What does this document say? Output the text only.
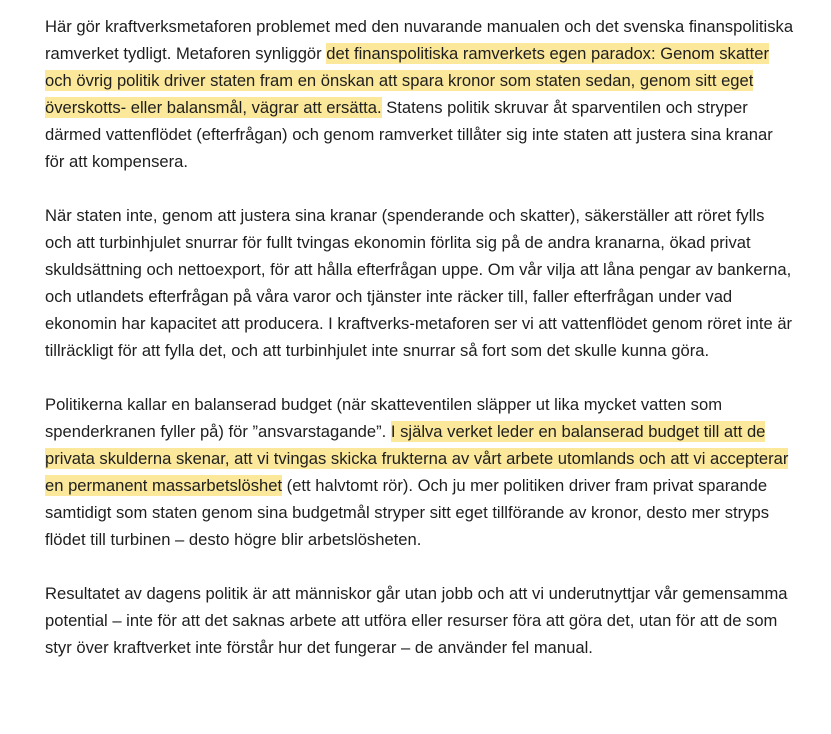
Här gör kraftverksmetaforen problemet med den nuvarande manualen och det svenska finanspolitiska ramverket tydligt. Metaforen synliggör det finanspolitiska ramverkets egen paradox: Genom skatter och övrig politik driver staten fram en önskan att spara kronor som staten sedan, genom sitt eget överskotts- eller balansmål, vägrar att ersätta. Statens politik skruvar åt sparventilen och stryper därmed vattenflödet (efterfrågan) och genom ramverket tillåter sig inte staten att justera sina kranar för att kompensera.

När staten inte, genom att justera sina kranar (spenderande och skatter), säkerställer att röret fylls och att turbinhjulet snurrar för fullt tvingas ekonomin förlita sig på de andra kranarna, ökad privat skuldsättning och nettoexport, för att hålla efterfrågan uppe. Om vår vilja att låna pengar av bankerna, och utlandets efterfrågan på våra varor och tjänster inte räcker till, faller efterfrågan under vad ekonomin har kapacitet att producera. I kraftverks-metaforen ser vi att vattenflödet genom röret inte är tillräckligt för att fylla det, och att turbinhjulet inte snurrar så fort som det skulle kunna göra.

Politikerna kallar en balanserad budget (när skatteventilen släpper ut lika mycket vatten som spenderkranen fyller på) för ”ansvarstagande”. I själva verket leder en balanserad budget till att de privata skulderna skenar, att vi tvingas skicka frukterna av vårt arbete utomlands och att vi accepterar en permanent massarbetslöshet (ett halvtomt rör). Och ju mer politiken driver fram privat sparande samtidigt som staten genom sina budgetmål stryper sitt eget tillförande av kronor, desto mer stryps flödet till turbinen – desto högre blir arbetslösheten.

Resultatet av dagens politik är att människor går utan jobb och att vi underutnyttjar vår gemensamma potential – inte för att det saknas arbete att utföra eller resurser föra att göra det, utan för att de som styr över kraftverket inte förstår hur det fungerar – de använder fel manual.
